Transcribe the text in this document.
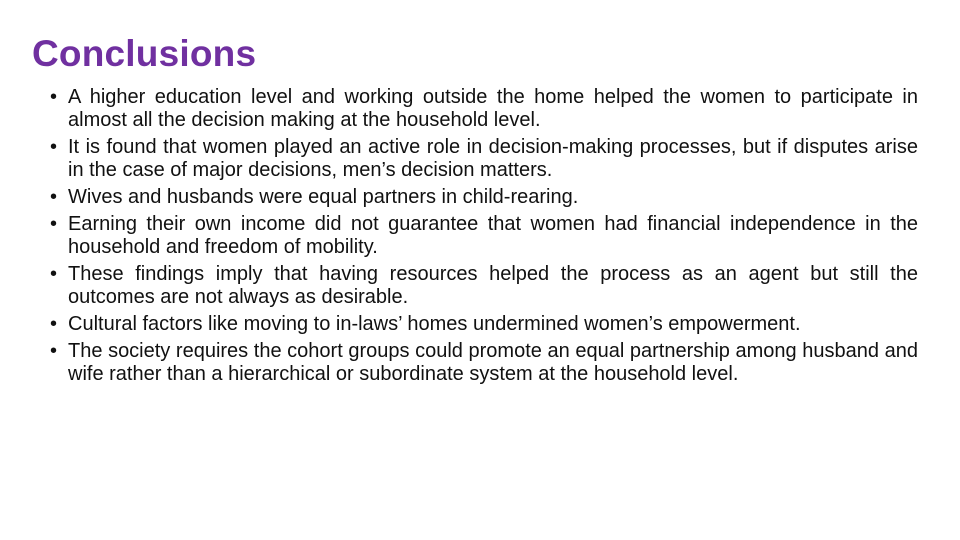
Conclusions
• A higher education level and working outside the home helped the women to participate in almost all the decision making at the household level.
• It is found that women played an active role in decision-making processes, but if disputes arise in the case of major decisions, men’s decision matters.
• Wives and husbands were equal partners in child-rearing.
• Earning their own income did not guarantee that women had financial independence in the household and freedom of mobility.
• These findings imply that having resources helped the process as an agent but still the outcomes are not always as desirable.
• Cultural factors like moving to in-laws’ homes undermined women’s empowerment.
• The society requires the cohort groups could promote an equal partnership among husband and wife rather than a hierarchical or subordinate system at the household level.
